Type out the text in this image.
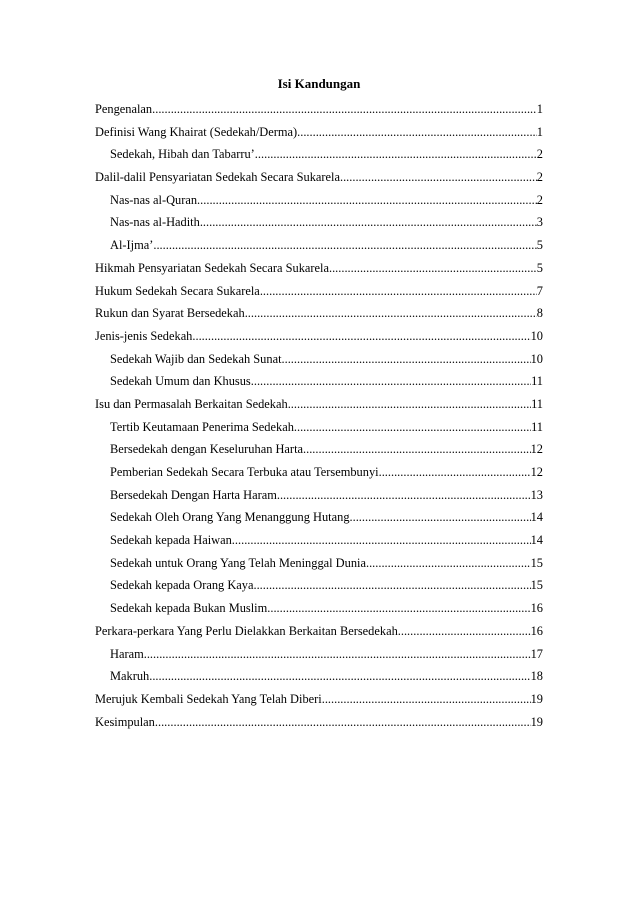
Isi Kandungan
Pengenalan .....	1
Definisi Wang Khairat (Sedekah/Derma) .....	1
Sedekah, Hibah dan Tabarru’ .....	2
Dalil-dalil Pensyariatan Sedekah Secara Sukarela .....	2
Nas-nas al-Quran .....	2
Nas-nas al-Hadith .....	3
Al-Ijma’ .....	5
Hikmah Pensyariatan Sedekah Secara Sukarela .....	5
Hukum Sedekah Secara Sukarela .....	7
Rukun dan Syarat Bersedekah .....	8
Jenis-jenis Sedekah .....	10
Sedekah Wajib dan Sedekah Sunat .....	10
Sedekah Umum dan Khusus .....	11
Isu dan Permasalah Berkaitan Sedekah .....	11
Tertib Keutamaan Penerima Sedekah .....	11
Bersedekah dengan Keseluruhan Harta .....	12
Pemberian Sedekah Secara Terbuka atau Tersembunyi .....	12
Bersedekah Dengan Harta Haram .....	13
Sedekah Oleh Orang Yang Menanggung Hutang .....	14
Sedekah kepada Haiwan .....	14
Sedekah untuk Orang Yang Telah Meninggal Dunia .....	15
Sedekah kepada Orang Kaya .....	15
Sedekah kepada Bukan Muslim .....	16
Perkara-perkara Yang Perlu Dielakkan Berkaitan Bersedekah .....	16
Haram .....	17
Makruh .....	18
Merujuk Kembali Sedekah Yang Telah Diberi .....	19
Kesimpulan .....	19
